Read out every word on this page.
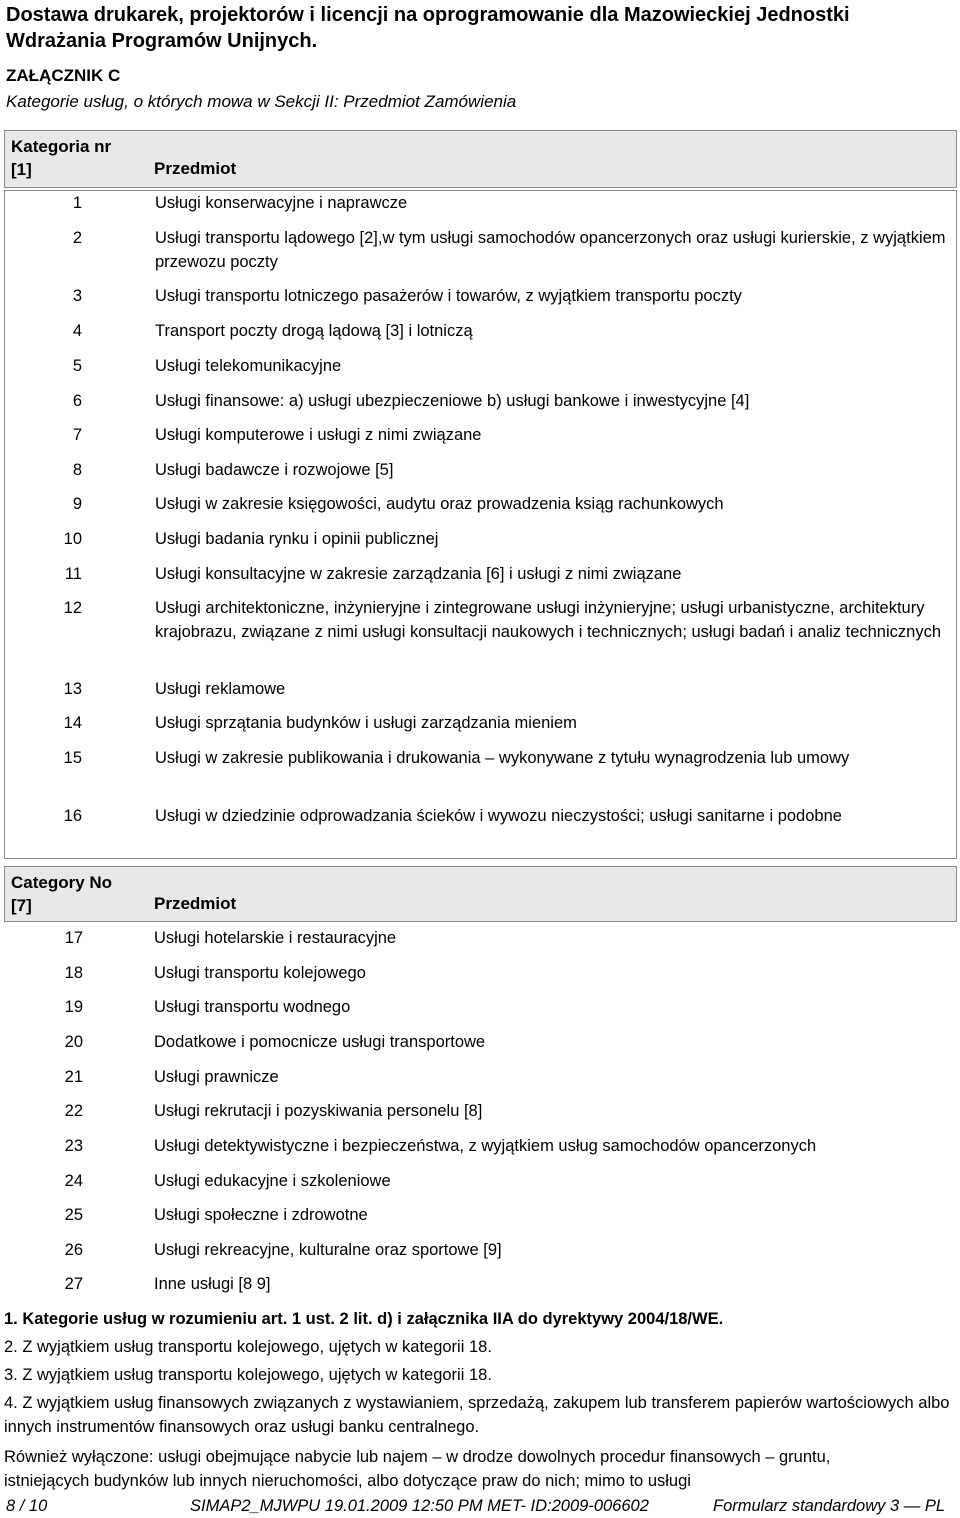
Dostawa drukarek, projektorów i licencji na oprogramowanie dla Mazowieckiej Jednostki Wdrażania Programów Unijnych.
ZAŁĄCZNIK C
Kategorie usług, o których mowa w Sekcji II: Przedmiot Zamówienia
Kategoria nr
[1]	Przedmiot
1	Usługi konserwacyjne i naprawcze
2	Usługi transportu lądowego [2],w tym usługi samochodów opancerzonych oraz usługi kurierskie, z wyjątkiem przewozu poczty
3	Usługi transportu lotniczego pasażerów i towarów, z wyjątkiem transportu poczty
4	Transport poczty drogą lądową [3] i lotniczą
5	Usługi telekomunikacyjne
6	Usługi finansowe: a) usługi ubezpieczeniowe b) usługi bankowe i inwestycyjne [4]
7	Usługi komputerowe i usługi z nimi związane
8	Usługi badawcze i rozwojowe [5]
9	Usługi w zakresie księgowości, audytu oraz prowadzenia ksiąg rachunkowych
10	Usługi badania rynku i opinii publicznej
11	Usługi konsultacyjne w zakresie zarządzania [6] i usługi z nimi związane
12	Usługi architektoniczne, inżynieryjne i zintegrowane usługi inżynieryjne; usługi urbanistyczne, architektury krajobrazu, związane z nimi usługi konsultacji naukowych i technicznych; usługi badań i analiz technicznych
13	Usługi reklamowe
14	Usługi sprzątania budynków i usługi zarządzania mieniem
15	Usługi w zakresie publikowania i drukowania – wykonywane z tytułu wynagrodzenia lub umowy
16	Usługi w dziedzinie odprowadzania ścieków i wywozu nieczystości; usługi sanitarne i podobne
Category No
[7]	Przedmiot
17	Usługi hotelarskie i restauracyjne
18	Usługi transportu kolejowego
19	Usługi transportu wodnego
20	Dodatkowe i pomocnicze usługi transportowe
21	Usługi prawnicze
22	Usługi rekrutacji i pozyskiwania personelu [8]
23	Usługi detektywistyczne i bezpieczeństwa, z wyjątkiem usług samochodów opancerzonych
24	Usługi edukacyjne i szkoleniowe
25	Usługi społeczne i zdrowotne
26	Usługi rekreacyjne, kulturalne oraz sportowe [9]
27	Inne usługi [8 9]
1. Kategorie usług w rozumieniu art. 1 ust. 2 lit. d) i załącznika IIA do dyrektywy 2004/18/WE.
2. Z wyjątkiem usług transportu kolejowego, ujętych w kategorii 18.
3. Z wyjątkiem usług transportu kolejowego, ujętych w kategorii 18.
4. Z wyjątkiem usług finansowych związanych z wystawianiem, sprzedażą, zakupem lub transferem papierów wartościowych albo innych instrumentów finansowych oraz usługi banku centralnego.
Również wyłączone: usługi obejmujące nabycie lub najem – w drodze dowolnych procedur finansowych – gruntu, istniejących budynków lub innych nieruchomości, albo dotyczące praw do nich; mimo to usługi
8 / 10	SIMAP2_MJWPU 19.01.2009 12:50 PM MET- ID:2009-006602	Formularz standardowy 3 — PL
